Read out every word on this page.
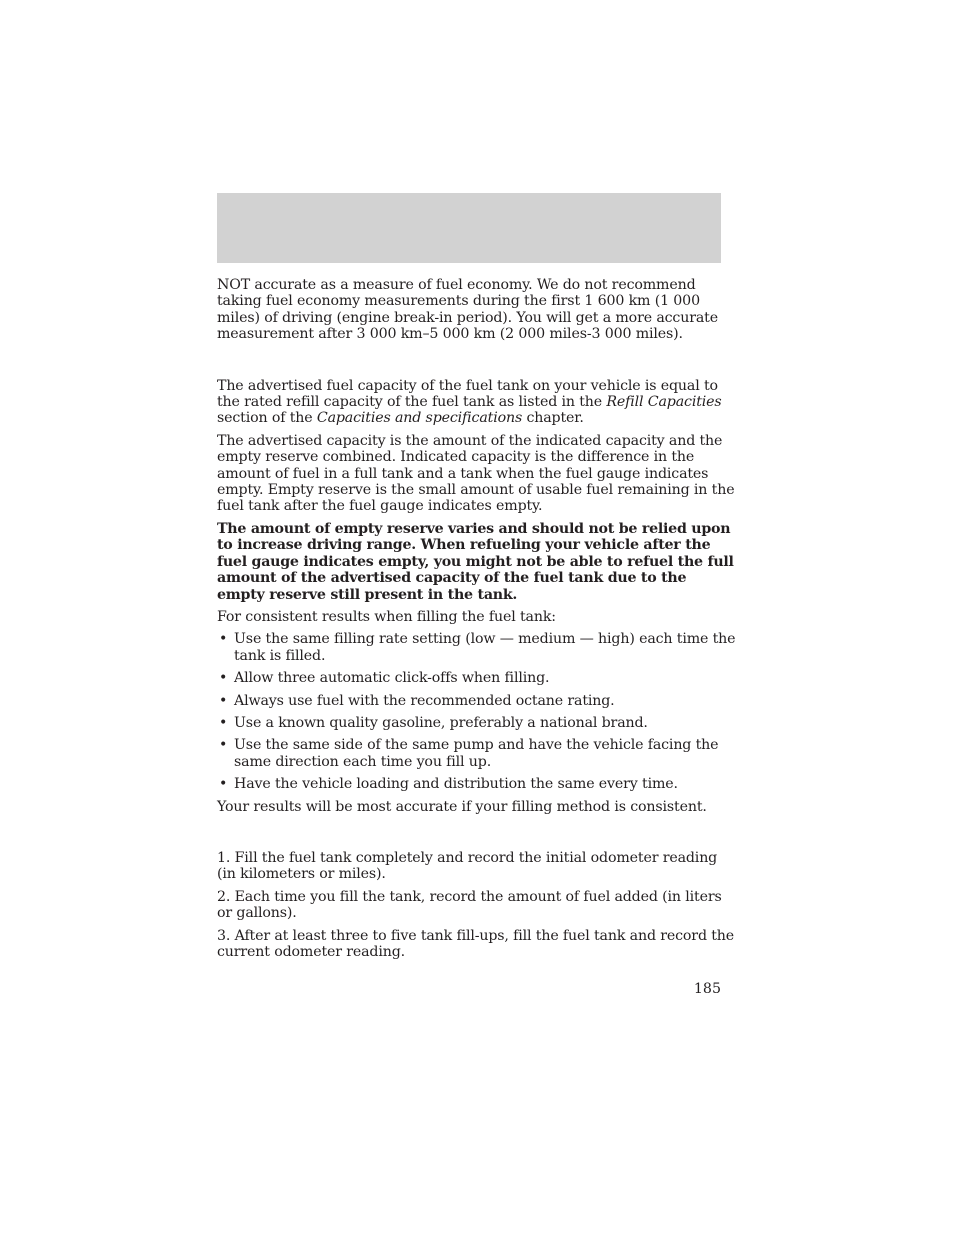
NOT accurate as a measure of fuel economy. We do not recommend taking fuel economy measurements during the first 1 600 km (1 000 miles) of driving (engine break-in period). You will get a more accurate measurement after 3 000 km–5 000 km (2 000 miles-3 000 miles).

The advertised fuel capacity of the fuel tank on your vehicle is equal to the rated refill capacity of the fuel tank as listed in the Refill Capacities section of the Capacities and specifications chapter.

The advertised capacity is the amount of the indicated capacity and the empty reserve combined. Indicated capacity is the difference in the amount of fuel in a full tank and a tank when the fuel gauge indicates empty. Empty reserve is the small amount of usable fuel remaining in the fuel tank after the fuel gauge indicates empty.

The amount of empty reserve varies and should not be relied upon to increase driving range. When refueling your vehicle after the fuel gauge indicates empty, you might not be able to refuel the full amount of the advertised capacity of the fuel tank due to the empty reserve still present in the tank.

For consistent results when filling the fuel tank:

• Use the same filling rate setting (low — medium — high) each time the tank is filled.
• Allow three automatic click-offs when filling.
• Always use fuel with the recommended octane rating.
• Use a known quality gasoline, preferably a national brand.
• Use the same side of the same pump and have the vehicle facing the same direction each time you fill up.
• Have the vehicle loading and distribution the same every time.

Your results will be most accurate if your filling method is consistent.

1. Fill the fuel tank completely and record the initial odometer reading (in kilometers or miles).

2. Each time you fill the tank, record the amount of fuel added (in liters or gallons).

3. After at least three to five tank fill-ups, fill the fuel tank and record the current odometer reading.

185
